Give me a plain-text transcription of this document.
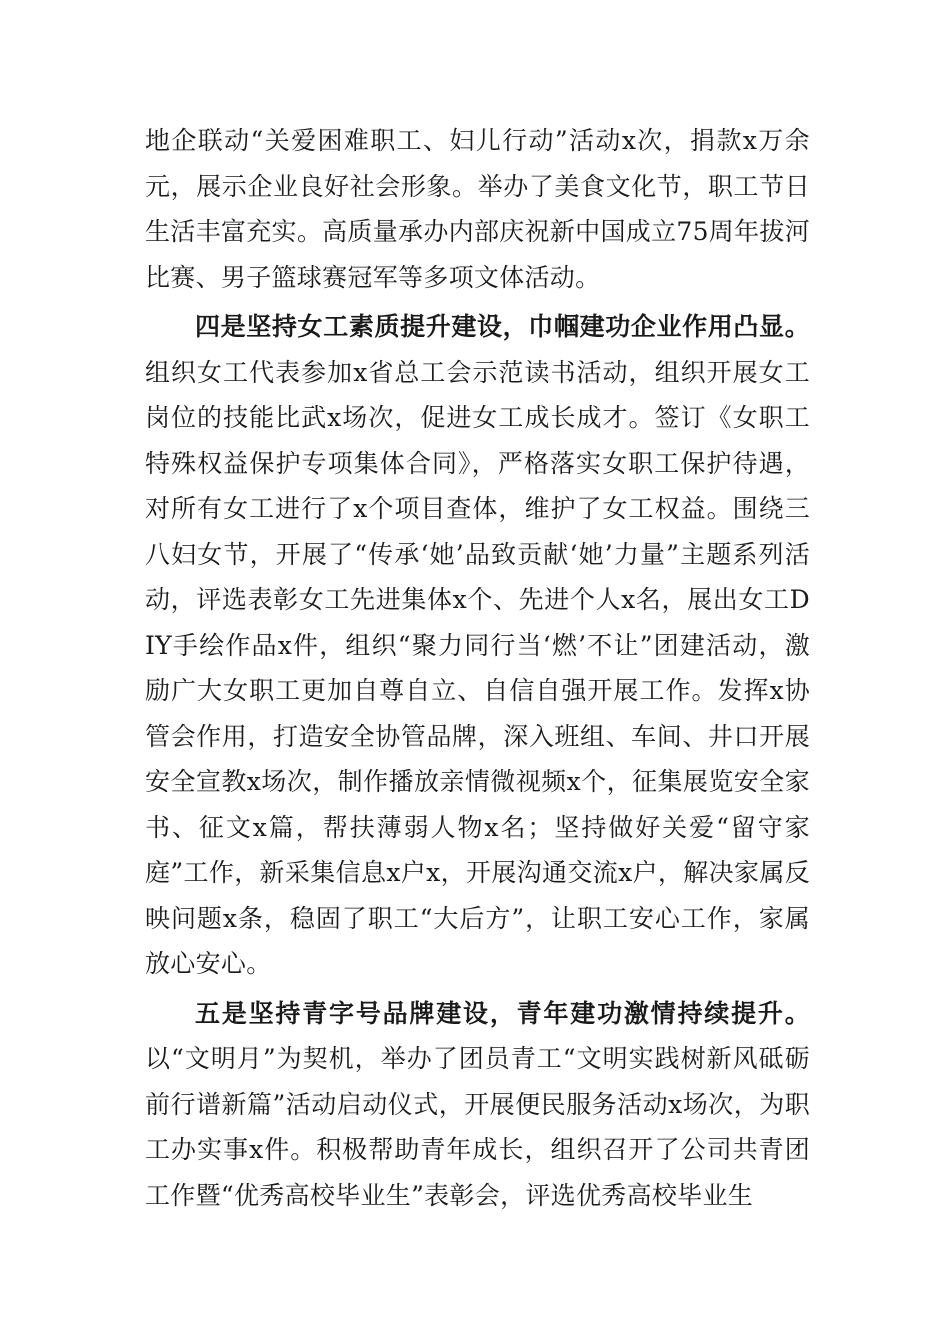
地企联动“关爱困难职工、妇儿行动”活动x次，捐款x万余元，展示企业良好社会形象。举办了美食文化节，职工节日生活丰富充实。高质量承办内部庆祝新中国成立75周年拔河比赛、男子篮球赛冠军等多项文体活动。

四是坚持女工素质提升建设，巾帼建功企业作用凸显。组织女工代表参加x省总工会示范读书活动，组织开展女工岗位的技能比武x场次，促进女工成长成才。签订《女职工特殊权益保护专项集体合同》，严格落实女职工保护待遇，对所有女工进行了x个项目查体，维护了女工权益。围绕三八妇女节，开展了“传承‘她’品致贡献‘她’力量”主题系列活动，评选表彰女工先进集体x个、先进个人x名，展出女工DIY手绘作品x件，组织“聚力同行当‘燃’不让”团建活动，激励广大女职工更加自尊自立、自信自强开展工作。发挥x协管会作用，打造安全协管品牌，深入班组、车间、井口开展安全宣教x场次，制作播放亲情微视频x个，征集展览安全家书、征文x篇，帮扶薄弱人物x名；坚持做好关爱“留守家庭”工作，新采集信息x户x，开展沟通交流x户，解决家属反映问题x条，稳固了职工“大后方”，让职工安心工作，家属放心安心。

五是坚持青字号品牌建设，青年建功激情持续提升。以“文明月”为契机，举办了团员青工“文明实践树新风砥砺前行谱新篇”活动启动仪式，开展便民服务活动x场次，为职工办实事x件。积极帮助青年成长，组织召开了公司共青团工作暨“优秀高校毕业生”表彰会，评选优秀高校毕业生
